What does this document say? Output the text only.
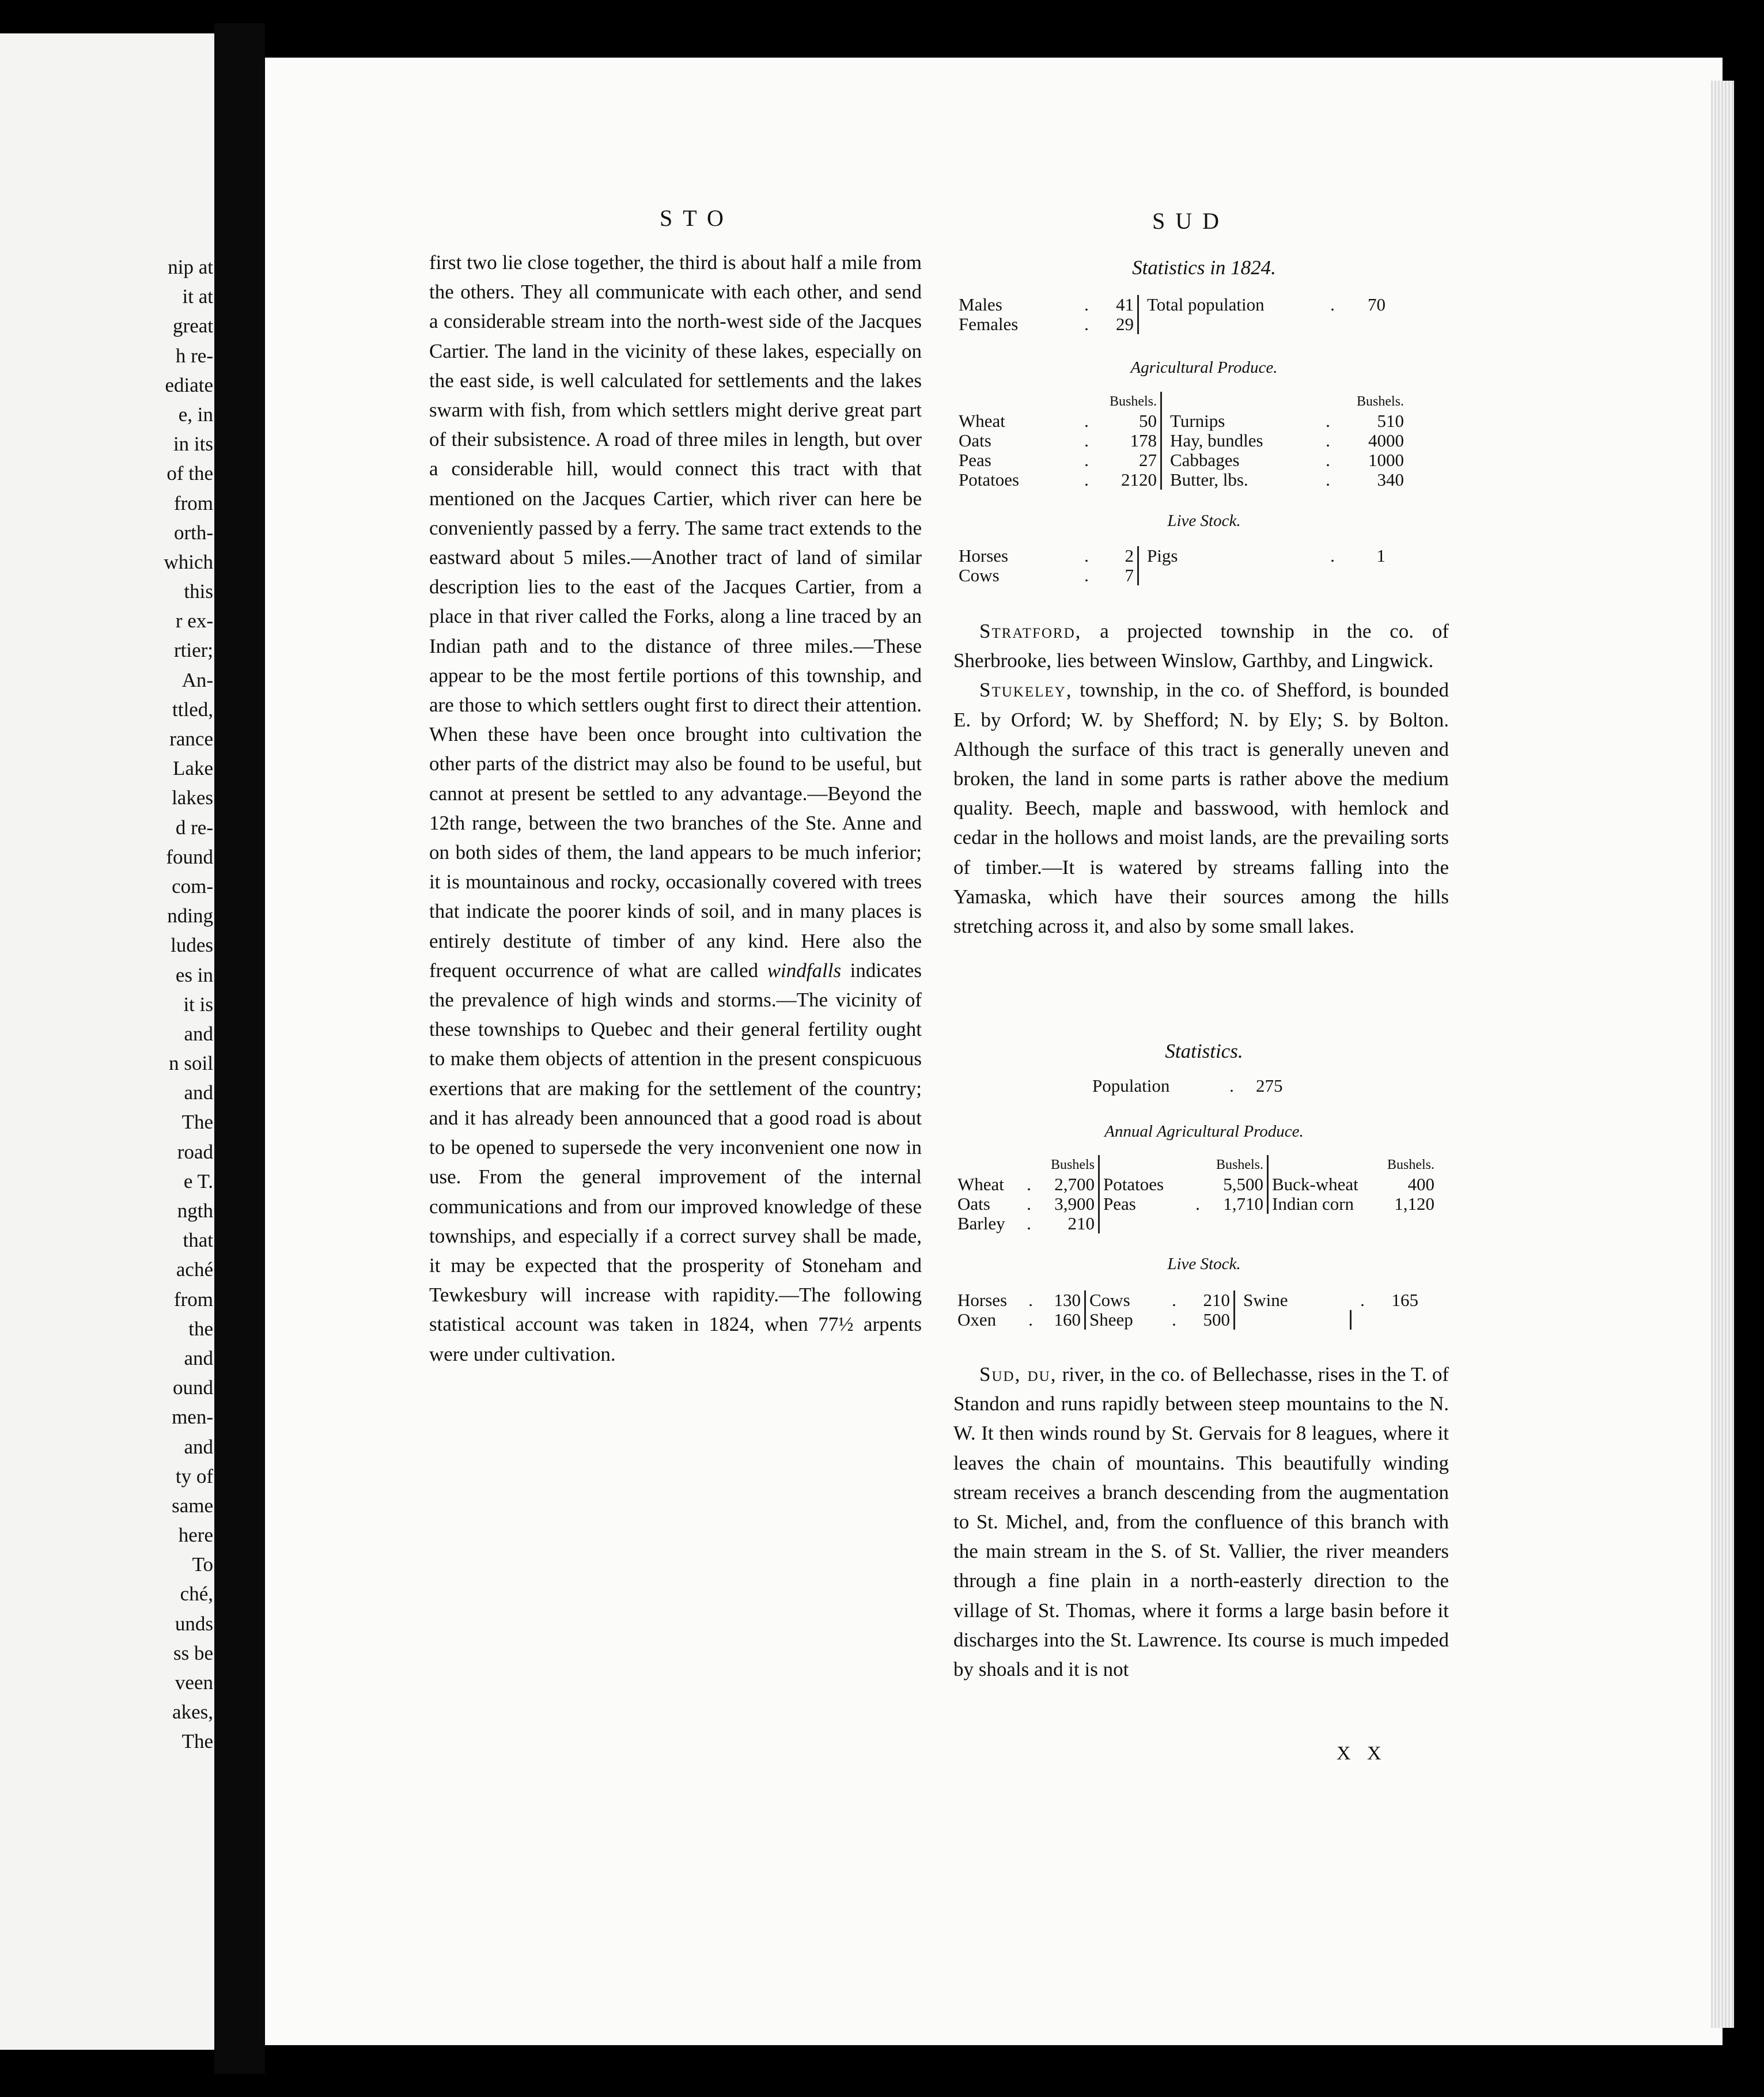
nip at
it at
great
h re-
ediate
e, in
in its
of the
from
orth-
which
this
r ex-
rtier;
An-
ttled,
rance
Lake
lakes
d re-
found
com-
nding
ludes
es in
it is
and
n soil
and
The
road
e T.
ngth
that
aché
from
the
and
ound
men-
and
ty of
same
here
To
ché,
unds
ss be
veen
akes,
The
STO	SUD

first two lie close together, the third is about half a mile from the others. They all communicate with each other, and send a considerable stream into the north-west side of the Jacques Cartier. The land in the vicinity of these lakes, especially on the east side, is well calculated for settlements and the lakes swarm with fish, from which settlers might derive great part of their subsistence. A road of three miles in length, but over a considerable hill, would connect this tract with that mentioned on the Jacques Cartier, which river can here be conveniently passed by a ferry. The same tract extends to the eastward about 5 miles.—Another tract of land of similar description lies to the east of the Jacques Cartier, from a place in that river called the Forks, along a line traced by an Indian path and to the distance of three miles.—These appear to be the most fertile portions of this township, and are those to which settlers ought first to direct their attention. When these have been once brought into cultivation the other parts of the district may also be found to be useful, but cannot at present be settled to any advantage.—Beyond the 12th range, between the two branches of the Ste. Anne and on both sides of them, the land appears to be much inferior; it is mountainous and rocky, occasionally covered with trees that indicate the poorer kinds of soil, and in many places is entirely destitute of timber of any kind. Here also the frequent occurrence of what are called windfalls indicates the prevalence of high winds and storms.—The vicinity of these townships to Quebec and their general fertility ought to make them objects of attention in the present conspicuous exertions that are making for the settlement of the country; and it has already been announced that a good road is about to be opened to supersede the very inconvenient one now in use. From the general improvement of the internal communications and from our improved knowledge of these townships, and especially if a correct survey shall be made, it may be expected that the prosperity of Stoneham and Tewkesbury will increase with rapidity.—The following statistical account was taken in 1824, when 77½ arpents were under cultivation.

Statistics in 1824.
Males	.	41	Total population	.	70
Females	.	29			
Agricultural Produce.
		Bushels.			Bushels.
Wheat	.	50	Turnips	.	510
Oats	.	178	Hay, bundles	.	4000
Peas	.	27	Cabbages	.	1000
Potatoes	.	2120	Butter, lbs.	.	340
Live Stock.
Horses	.	2	Pigs	.	1
Cows	.	7			

Stratford, a projected township in the co. of Sherbrooke, lies between Winslow, Garthby, and Lingwick.

Stukeley, township, in the co. of Shefford, is bounded E. by Orford; W. by Shefford; N. by Ely; S. by Bolton. Although the surface of this tract is generally uneven and broken, the land in some parts is rather above the medium quality. Beech, maple and basswood, with hemlock and cedar in the hollows and moist lands, are the prevailing sorts of timber.—It is watered by streams falling into the Yamaska, which have their sources among the hills stretching across it, and also by some small lakes.

Statistics.
Population	.	275
Annual Agricultural Produce.
		Bushels			Bushels.		Bushels.
Wheat	.	2,700	Potatoes		5,500	Buck-wheat	400
Oats	.	3,900	Peas	.	1,710	Indian corn	1,120
Barley	.	210					
Live Stock.
Horses	.	130	Cows	.	210	Swine	.	165
Oxen	.	160	Sheep	.	500			

Sud, du, river, in the co. of Bellechasse, rises in the T. of Standon and runs rapidly between steep mountains to the N. W. It then winds round by St. Gervais for 8 leagues, where it leaves the chain of mountains. This beautifully winding stream receives a branch descending from the augmentation to St. Michel, and, from the confluence of this branch with the main stream in the S. of St. Vallier, the river meanders through a fine plain in a north-easterly direction to the village of St. Thomas, where it forms a large basin before it discharges into the St. Lawrence. Its course is much impeded by shoals and it is not

X X
